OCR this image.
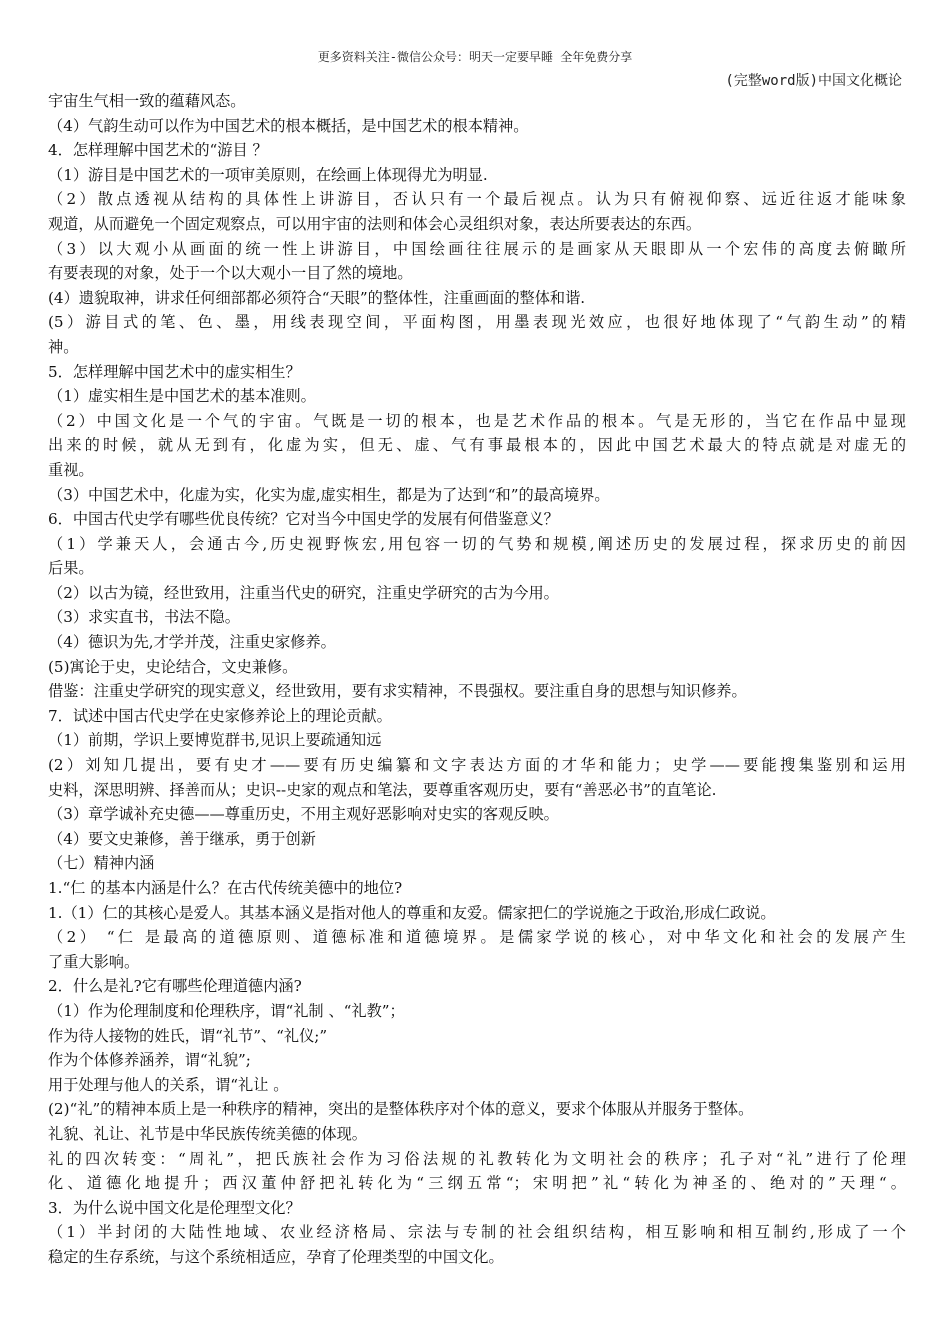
更多资料关注-微信公众号：明天一定要早睡 全年免费分享
(完整word版)中国文化概论
宇宙生气相一致的蕴藉风态。
（4）气韵生动可以作为中国艺术的根本概括，是中国艺术的根本精神。
4．怎样理解中国艺术的“游目 ？
（1）游目是中国艺术的一项审美原则，在绘画上体现得尤为明显.
（2）散点透视从结构的具体性上讲游目，否认只有一个最后视点。认为只有俯视仰察、远近往返才能味象
观道，从而避免一个固定观察点，可以用宇宙的法则和体会心灵组织对象，表达所要表达的东西。
（3）以大观小从画面的统一性上讲游目，中国绘画往往展示的是画家从天眼即从一个宏伟的高度去俯瞰所
有要表现的对象，处于一个以大观小一目了然的境地。
(4）遗貌取神，讲求任何细部都必须符合“天眼”的整体性，注重画面的整体和谐.
(5）游目式的笔、色、墨，用线表现空间，平面构图，用墨表现光效应，也很好地体现了“气韵生动”的精
神。
5．怎样理解中国艺术中的虚实相生？
（1）虚实相生是中国艺术的基本准则。
（2）中国文化是一个气的宇宙。气既是一切的根本，也是艺术作品的根本。气是无形的，当它在作品中显现
出来的时候，就从无到有，化虚为实，但无、虚、气有事最根本的，因此中国艺术最大的特点就是对虚无的
重视。
（3）中国艺术中，化虚为实，化实为虚,虚实相生，都是为了达到“和”的最高境界。
6．中国古代史学有哪些优良传统？它对当今中国史学的发展有何借鉴意义？
（1）学兼天人，会通古今,历史视野恢宏,用包容一切的气势和规模,阐述历史的发展过程，探求历史的前因
后果。
（2）以古为镜，经世致用，注重当代史的研究，注重史学研究的古为今用。
（3）求实直书，书法不隐。
（4）德识为先,才学并茂，注重史家修养。
(5)寓论于史，史论结合，文史兼修。
借鉴：注重史学研究的现实意义，经世致用，要有求实精神，不畏强权。要注重自身的思想与知识修养。
7．试述中国古代史学在史家修养论上的理论贡献。
（1）前期，学识上要博览群书,见识上要疏通知远
(2）刘知几提出，要有史才——要有历史编纂和文字表达方面的才华和能力；史学——要能搜集鉴别和运用
史料，深思明辨、择善而从；史识--史家的观点和笔法，要尊重客观历史，要有“善恶必书”的直笔论.
（3）章学诚补充史德——尊重历史，不用主观好恶影响对史实的客观反映。
（4）要文史兼修，善于继承，勇于创新
（七）精神内涵
1.“仁 的基本内涵是什么？在古代传统美德中的地位?
1.（1）仁的其核心是爱人。其基本涵义是指对他人的尊重和友爱。儒家把仁的学说施之于政治,形成仁政说。
（2） “仁 是最高的道德原则、道德标准和道德境界。是儒家学说的核心，对中华文化和社会的发展产生
了重大影响。
2．什么是礼?它有哪些伦理道德内涵?
（1）作为伦理制度和伦理秩序，谓“礼制 、“礼教”；
作为待人接物的姓氏，谓“礼节”、“礼仪;”
作为个体修养涵养，谓“礼貌”;
用于处理与他人的关系，谓“礼让 。
(2)“礼”的精神本质上是一种秩序的精神，突出的是整体秩序对个体的意义，要求个体服从并服务于整体。
礼貌、礼让、礼节是中华民族传统美德的体现。
礼的四次转变：“周礼”，把氏族社会作为习俗法规的礼教转化为文明社会的秩序；孔子对“礼”进行了伦理
化、道德化地提升；西汉董仲舒把礼转化为“三纲五常“；宋明把”礼“转化为神圣的、绝对的”天理“。
3．为什么说中国文化是伦理型文化？
（1）半封闭的大陆性地域、农业经济格局、宗法与专制的社会组织结构，相互影响和相互制约,形成了一个
稳定的生存系统，与这个系统相适应，孕育了伦理类型的中国文化。
